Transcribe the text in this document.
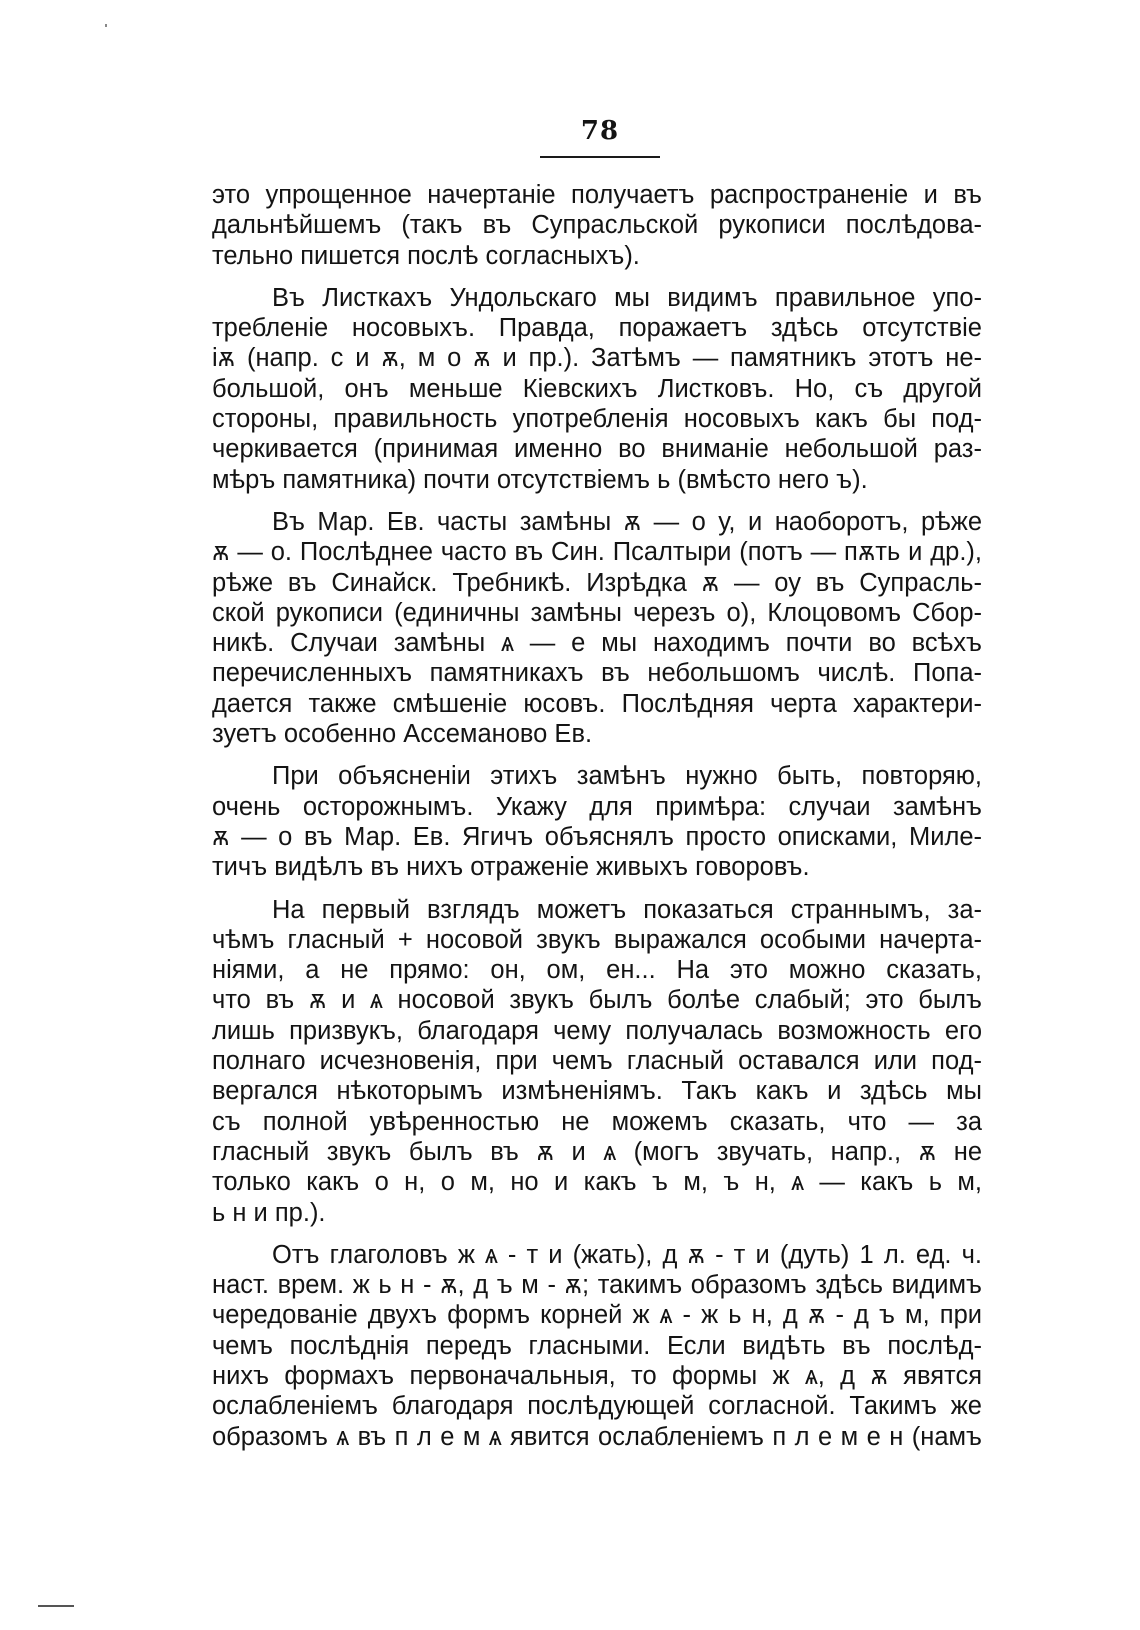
78
это упрощенное начертаніе получаетъ распространеніе и въ
дальнѣйшемъ (такъ въ Супрасльской рукописи послѣдова-
тельно пишется послѣ согласныхъ).
Въ Листкахъ Ундольскаго мы видимъ правильное упо-
требленіе носовыхъ. Правда, поражаетъ здѣсь отсутствіе
іѫ (напр. с и ѫ, м о ѫ и пр.). Затѣмъ — памятникъ этотъ не-
большой, онъ меньше Кіевскихъ Листковъ. Но, съ другой
стороны, правильность употребленія носовыхъ какъ бы под-
черкивается (принимая именно во вниманіе небольшой раз-
мѣръ памятника) почти отсутствіемъ ь (вмѣсто него ъ).
Въ Мар. Ев. часты замѣны ѫ — о у, и наоборотъ, рѣже
ѫ — о. Послѣднее часто въ Син. Псалтыри (потъ — пѫть и др.),
рѣже въ Синайск. Требникѣ. Изрѣдка ѫ — оу въ Супрасль-
ской рукописи (единичны замѣны черезъ о), Клоцовомъ Сбор-
никѣ. Случаи замѣны ѧ — е мы находимъ почти во всѣхъ
перечисленныхъ памятникахъ въ небольшомъ числѣ. Попа-
дается также смѣшеніе юсовъ. Послѣдняя черта характери-
зуетъ особенно Ассеманово Ев.
При объясненіи этихъ замѣнъ нужно быть, повторяю,
очень осторожнымъ. Укажу для примѣра: случаи замѣнъ
ѫ — о въ Мар. Ев. Ягичъ объяснялъ просто описками, Миле-
тичъ видѣлъ въ нихъ отраженіе живыхъ говоровъ.
На первый взглядъ можетъ показаться страннымъ, за-
чѣмъ гласный + носовой звукъ выражался особыми начерта-
ніями, а не прямо: он, ом, ен... На это можно сказать,
что въ ѫ и ѧ носовой звукъ былъ болѣе слабый; это былъ
лишь призвукъ, благодаря чему получалась возможность его
полнаго исчезновенія, при чемъ гласный оставался или под-
вергался нѣкоторымъ измѣненіямъ. Такъ какъ и здѣсь мы
съ полной увѣренностью не можемъ сказать, что — за
гласный звукъ былъ въ ѫ и ѧ (могъ звучать, напр., ѫ не
только какъ о н, о м, но и какъ ъ м, ъ н, ѧ — какъ ь м,
ь н и пр.).
Отъ глаголовъ ж ѧ - т и (жать), д ѫ - т и (дуть) 1 л. ед. ч.
наст. врем. ж ь н - ѫ, д ъ м - ѫ; такимъ образомъ здѣсь видимъ
чередованіе двухъ формъ корней ж ѧ - ж ь н, д ѫ - д ъ м, при
чемъ послѣднія передъ гласными. Если видѣть въ послѣд-
нихъ формахъ первоначальныя, то формы ж ѧ, д ѫ явятся
ослабленіемъ благодаря послѣдующей согласной. Такимъ же
образомъ ѧ въ п л е м ѧ явится ослабленіемъ п л е м е н (намъ
